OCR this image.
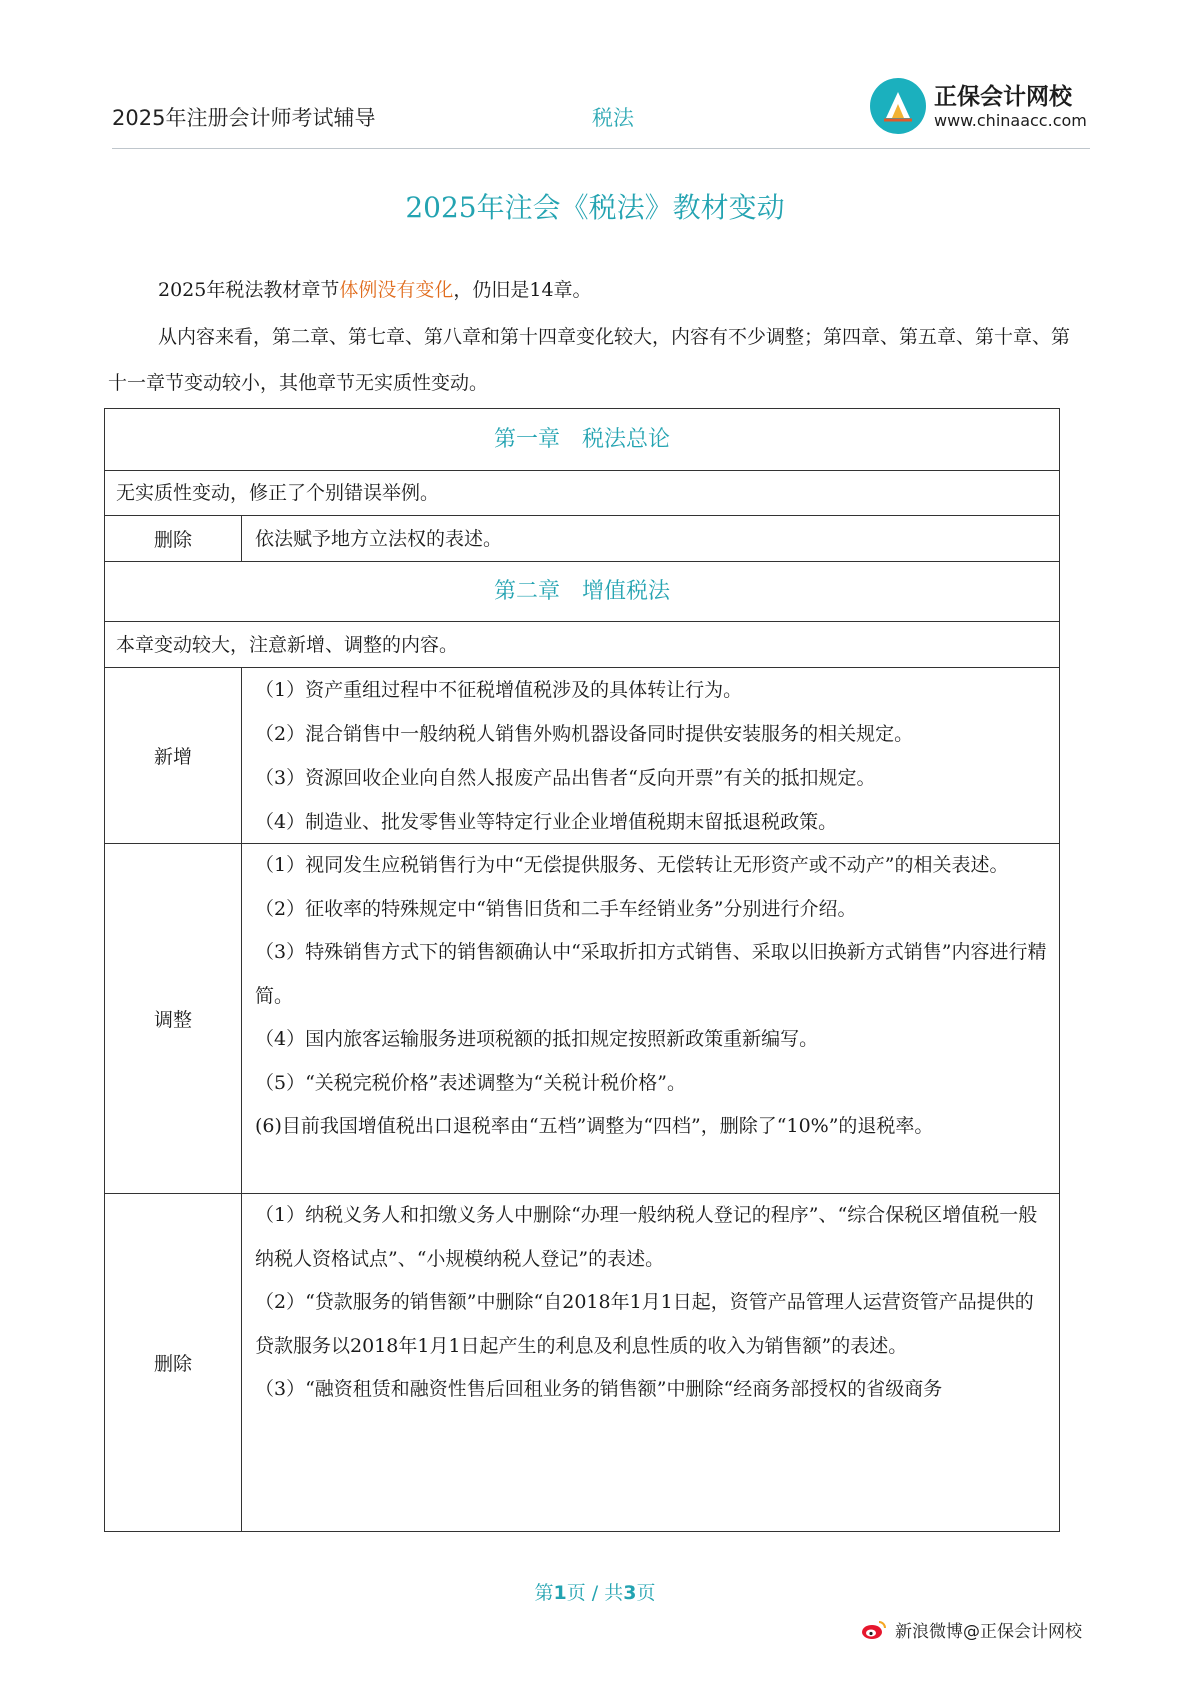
2025年注册会计师考试辅导	税法
正保会计网校
www.chinaacc.com
2025年注会《税法》教材变动
2025年税法教材章节体例没有变化，仍旧是14章。
从内容来看，第二章、第七章、第八章和第十四章变化较大，内容有不少调整；第四章、第五章、第十章、第十一章节变动较小，其他章节无实质性变动。
第一章　税法总论
无实质性变动，修正了个别错误举例。
删除	依法赋予地方立法权的表述。
第二章　增值税法
本章变动较大，注意新增、调整的内容。
新增

（1）资产重组过程中不征税增值税涉及的具体转让行为。

（2）混合销售中一般纳税人销售外购机器设备同时提供安装服务的相关规定。

（3）资源回收企业向自然人报废产品出售者“反向开票”有关的抵扣规定。

（4）制造业、批发零售业等特定行业企业增值税期末留抵退税政策。

调整

（1）视同发生应税销售行为中“无偿提供服务、无偿转让无形资产或不动产”的相关表述。

（2）征收率的特殊规定中“销售旧货和二手车经销业务”分别进行介绍。

（3）特殊销售方式下的销售额确认中“采取折扣方式销售、采取以旧换新方式销售”内容进行精简。

（4）国内旅客运输服务进项税额的抵扣规定按照新政策重新编写。

（5）“关税完税价格”表述调整为“关税计税价格”。

(6)目前我国增值税出口退税率由“五档”调整为“四档”，删除了“10%”的退税率。

删除

（1）纳税义务人和扣缴义务人中删除“办理一般纳税人登记的程序”、“综合保税区增值税一般纳税人资格试点”、“小规模纳税人登记”的表述。

（2）“贷款服务的销售额”中删除“自2018年1月1日起，资管产品管理人运营资管产品提供的贷款服务以2018年1月1日起产生的利息及利息性质的收入为销售额”的表述。

（3）“融资租赁和融资性售后回租业务的销售额”中删除“经商务部授权的省级商务

第1页 / 共3页
新浪微博@正保会计网校
